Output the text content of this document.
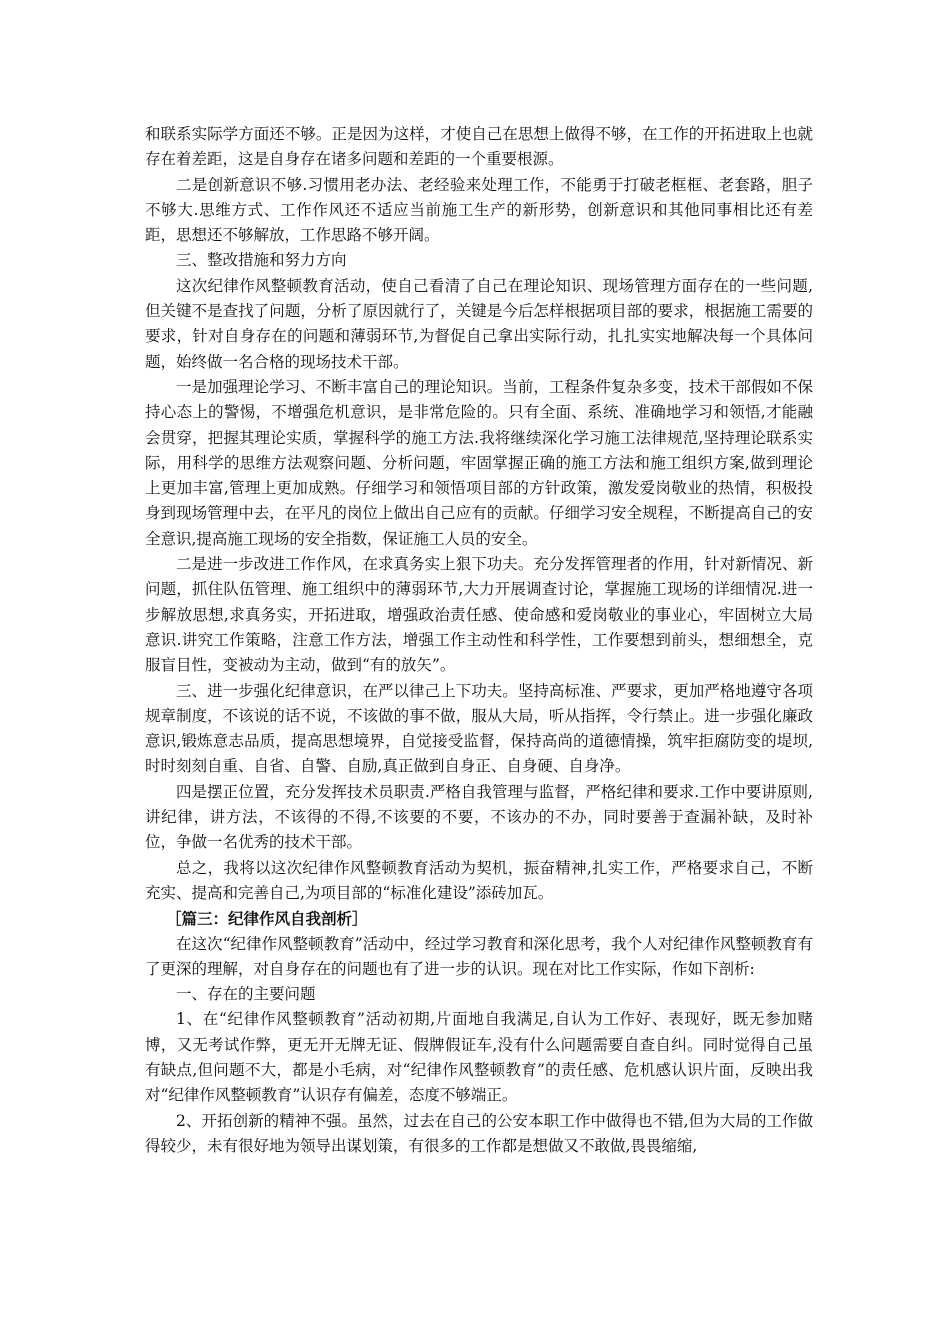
和联系实际学方面还不够。正是因为这样，才使自己在思想上做得不够，在工作的开拓进取上也就存在着差距，这是自身存在诸多问题和差距的一个重要根源。

二是创新意识不够.习惯用老办法、老经验来处理工作，不能勇于打破老框框、老套路，胆子不够大.思维方式、工作作风还不适应当前施工生产的新形势，创新意识和其他同事相比还有差距，思想还不够解放，工作思路不够开阔。

三、整改措施和努力方向

这次纪律作风整顿教育活动，使自己看清了自己在理论知识、现场管理方面存在的一些问题,但关键不是查找了问题，分析了原因就行了，关键是今后怎样根据项目部的要求，根据施工需要的要求，针对自身存在的问题和薄弱环节,为督促自己拿出实际行动，扎扎实实地解决每一个具体问题，始终做一名合格的现场技术干部。

一是加强理论学习、不断丰富自己的理论知识。当前，工程条件复杂多变，技术干部假如不保持心态上的警惕，不增强危机意识，是非常危险的。只有全面、系统、准确地学习和领悟,才能融会贯穿，把握其理论实质，掌握科学的施工方法.我将继续深化学习施工法律规范,坚持理论联系实际，用科学的思维方法观察问题、分析问题，牢固掌握正确的施工方法和施工组织方案,做到理论上更加丰富,管理上更加成熟。仔细学习和领悟项目部的方针政策，激发爱岗敬业的热情，积极投身到现场管理中去，在平凡的岗位上做出自己应有的贡献。仔细学习安全规程，不断提高自己的安全意识,提高施工现场的安全指数，保证施工人员的安全。

二是进一步改进工作作风，在求真务实上狠下功夫。充分发挥管理者的作用，针对新情况、新问题，抓住队伍管理、施工组织中的薄弱环节,大力开展调查讨论，掌握施工现场的详细情况.进一步解放思想,求真务实，开拓进取，增强政治责任感、使命感和爱岗敬业的事业心，牢固树立大局意识.讲究工作策略，注意工作方法，增强工作主动性和科学性，工作要想到前头，想细想全，克服盲目性，变被动为主动，做到“有的放矢”。

三、进一步强化纪律意识，在严以律己上下功夫。坚持高标准、严要求，更加严格地遵守各项规章制度，不该说的话不说，不该做的事不做，服从大局，听从指挥，令行禁止。进一步强化廉政意识,锻炼意志品质，提高思想境界，自觉接受监督，保持高尚的道德情操，筑牢拒腐防变的堤坝,时时刻刻自重、自省、自警、自励,真正做到自身正、自身硬、自身净。

四是摆正位置，充分发挥技术员职责.严格自我管理与监督，严格纪律和要求.工作中要讲原则,讲纪律，讲方法，不该得的不得,不该要的不要，不该办的不办，同时要善于查漏补缺，及时补位，争做一名优秀的技术干部。

总之，我将以这次纪律作风整顿教育活动为契机，振奋精神,扎实工作，严格要求自己，不断充实、提高和完善自己,为项目部的“标准化建设”添砖加瓦。

［篇三：纪律作风自我剖析］

在这次“纪律作风整顿教育”活动中，经过学习教育和深化思考，我个人对纪律作风整顿教育有了更深的理解，对自身存在的问题也有了进一步的认识。现在对比工作实际，作如下剖析:

一、存在的主要问题

1、在“纪律作风整顿教育”活动初期,片面地自我满足,自认为工作好、表现好，既无参加赌博，又无考试作弊，更无开无牌无证、假牌假证车,没有什么问题需要自查自纠。同时觉得自己虽有缺点,但问题不大，都是小毛病，对“纪律作风整顿教育”的责任感、危机感认识片面，反映出我对“纪律作风整顿教育”认识存有偏差，态度不够端正。

2、开拓创新的精神不强。虽然，过去在自己的公安本职工作中做得也不错,但为大局的工作做得较少，未有很好地为领导出谋划策，有很多的工作都是想做又不敢做,畏畏缩缩,
